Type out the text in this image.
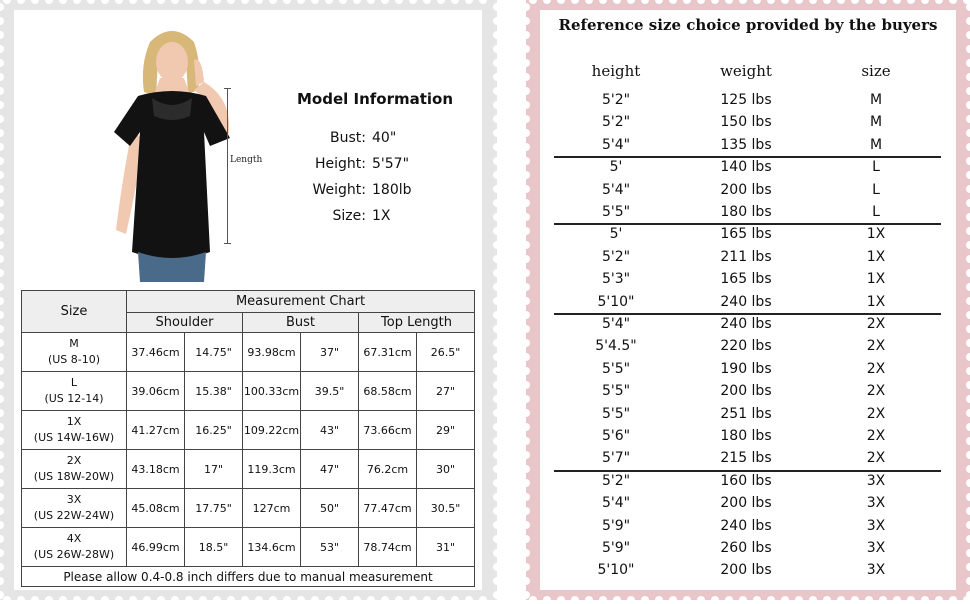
Length
Model Information
Bust: 40"
Height: 5'57"
Weight: 180lb
Size: 1X
Size	Measurement Chart					
	Shoulder		Bust		Top Length	

M
(US 8-10)	37.46cm	14.75"	93.98cm	37"	67.31cm	26.5"

L
(US 12-14)	39.06cm	15.38"	100.33cm	39.5"	68.58cm	27"

1X
(US 14W-16W)	41.27cm	16.25"	109.22cm	43"	73.66cm	29"

2X
(US 18W-20W)	43.18cm	17"	119.3cm	47"	76.2cm	30"

3X
(US 22W-24W)	45.08cm	17.75"	127cm	50"	77.47cm	30.5"

4X
(US 26W-28W)	46.99cm	18.5"	134.6cm	53"	78.74cm	31"
Please allow 0.4-0.8 inch differs due to manual measurement						
Reference size choice provided by the buyers
height	weight	size
5'2"	125 lbs	M
5'2"	150 lbs	M
5'4"	135 lbs	M
5'	140 lbs	L
5'4"	200 lbs	L
5'5"	180 lbs	L
5'	165 lbs	1X
5'2"	211 lbs	1X
5'3"	165 lbs	1X
5'10"	240 lbs	1X
5'4"	240 lbs	2X
5'4.5"	220 lbs	2X
5'5"	190 lbs	2X
5'5"	200 lbs	2X
5'5"	251 lbs	2X
5'6"	180 lbs	2X
5'7"	215 lbs	2X
5'2"	160 lbs	3X
5'4"	200 lbs	3X
5'9"	240 lbs	3X
5'9"	260 lbs	3X
5'10"	200 lbs	3X
